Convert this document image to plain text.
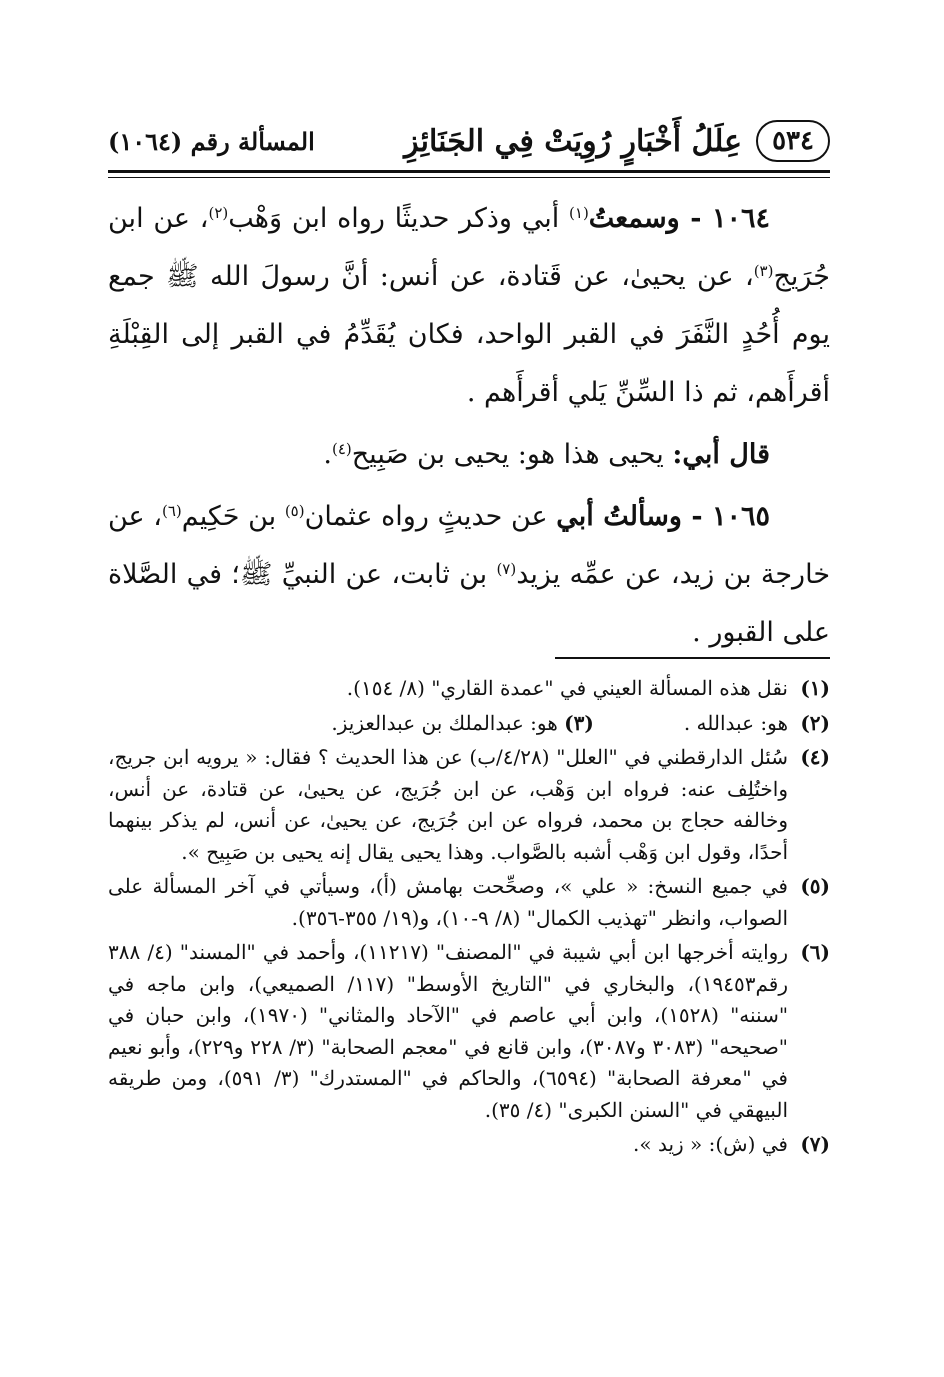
٥٣٤
عِلَلُ أَخْبَارٍ رُوِيَتْ فِي الجَنَائِزِ
المسألة رقم (١٠٦٤)

١٠٦٤ - وسمعتُ$^{(١)}$ أبي وذكر حديثًا رواه ابن وَهْب$^{(٢)}$، عن ابن جُرَيج$^{(٣)}$، عن يحيىٰ، عن قَتادة، عن أنس: أنَّ رسولَ الله ﷺ جمع يوم أُحُدٍ النَّفَرَ في القبر الواحد، فكان يُقَدِّمُ في القبر إلى القِبْلَةِ أقرأَهم، ثم ذا السِّنِّ يَلي أقرأَهم .

قال أبي: يحيى هذا هو: يحيى بن صَبِيح$^{(٤)}$.

١٠٦٥ - وسألتُ أبي عن حديثٍ رواه عثمان$^{(٥)}$ بن حَكِيم$^{(٦)}$، عن خارجة بن زيد، عن عمِّه يزيد$^{(٧)}$ بن ثابت، عن النبيِّ ﷺ؛ في الصَّلاة على القبور .

(١)
نقل هذه المسألة العيني في "عمدة القاري" (٨/ ١٥٤).
(٢)
هو: عبدالله .(٣) هو: عبدالملك بن عبدالعزيز.
(٤)
سُئل الدارقطني في "العلل" (٤/٢٨/ب) عن هذا الحديث ؟ فقال: « يرويه ابن جريج، واختُلِف عنه: فرواه ابن وَهْب، عن ابن جُرَيج، عن يحيىٰ، عن قتادة، عن أنس، وخالفه حجاج بن محمد، فرواه عن ابن جُرَيج، عن يحيىٰ، عن أنس، لم يذكر بينهما أحدًا، وقول ابن وَهْب أشبه بالصَّواب. وهذا يحيى يقال إنه يحيى بن صَبِيح ».
(٥)
في جميع النسخ: « علي »، وصحِّحت بهامش (أ)، وسيأتي في آخر المسألة على الصواب، وانظر "تهذيب الكمال" (٨/ ٩-١٠)، و(١٩/ ٣٥٥-٣٥٦).
(٦)
روايته أخرجها ابن أبي شيبة في "المصنف" (١١٢١٧)، وأحمد في "المسند" (٤/ ٣٨٨ رقم١٩٤٥٣)، والبخاري في "التاريخ الأوسط" (١١٧/ الصميعي)، وابن ماجه في "سننه" (١٥٢٨)، وابن أبي عاصم في "الآحاد والمثاني" (١٩٧٠)، وابن حبان في "صحيحه" (٣٠٨٣ و٣٠٨٧)، وابن قانع في "معجم الصحابة" (٣/ ٢٢٨ و٢٢٩)، وأبو نعيم في "معرفة الصحابة" (٦٥٩٤)، والحاكم في "المستدرك" (٣/ ٥٩١)، ومن طريقه البيهقي في "السنن الكبرى" (٤/ ٣٥).
(٧)
في (ش): « زيد ».
